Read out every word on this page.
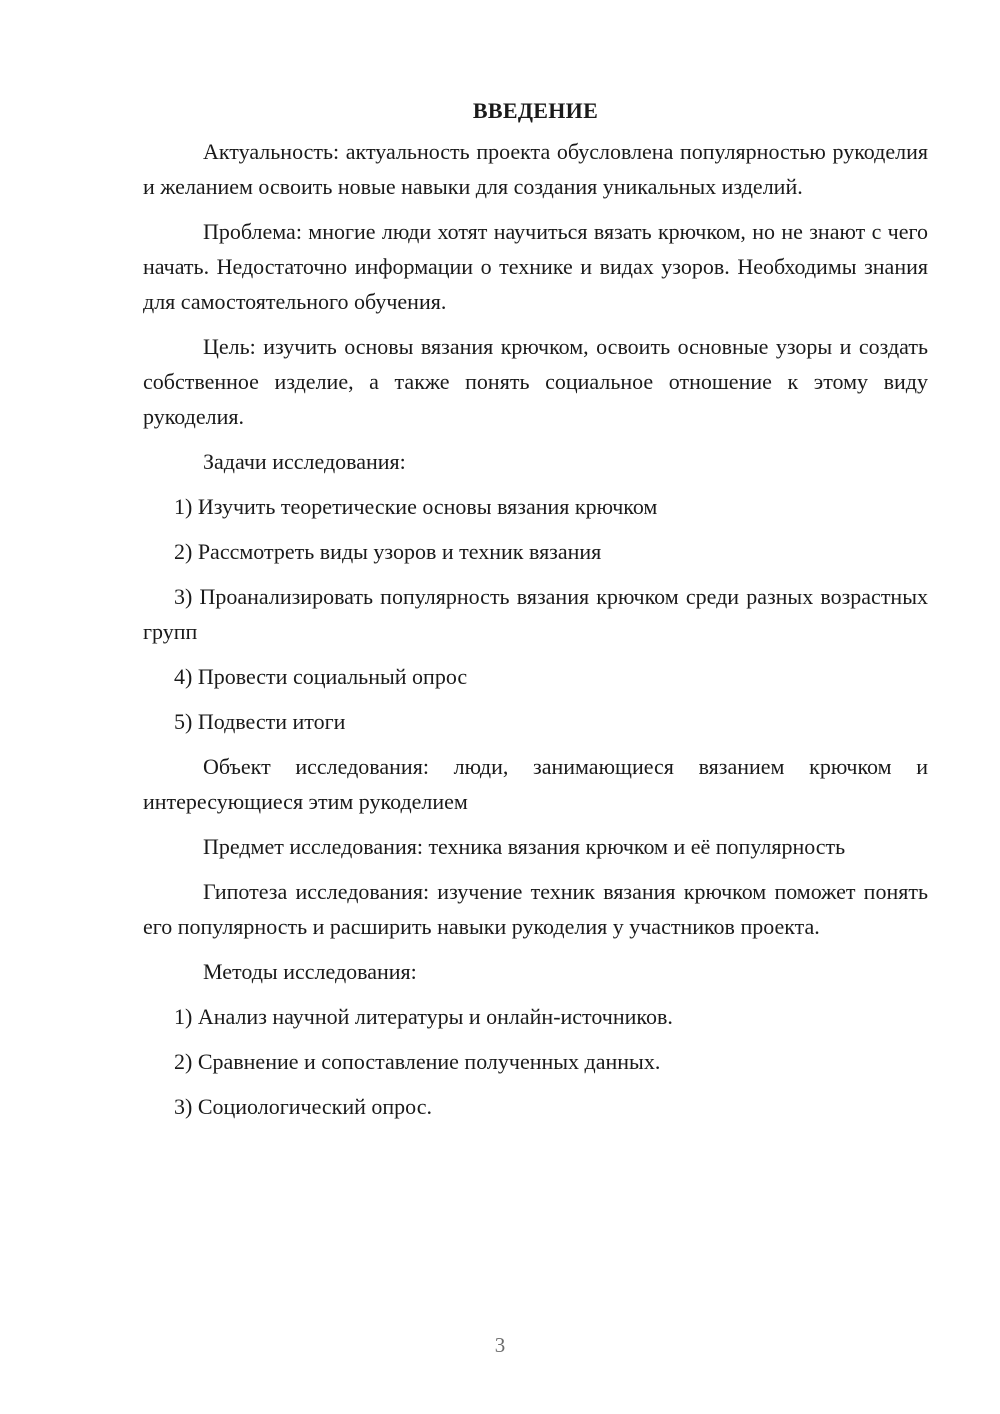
ВВЕДЕНИЕ

Актуальность: актуальность проекта обусловлена популярностью рукоделия и желанием освоить новые навыки для создания уникальных изделий.

Проблема: многие люди хотят научиться вязать крючком, но не знают с чего начать. Недостаточно информации о технике и видах узоров. Необходимы знания для самостоятельного обучения.

Цель: изучить основы вязания крючком, освоить основные узоры и создать собственное изделие, а также понять социальное отношение к этому виду рукоделия.

Задачи исследования:

1) Изучить теоретические основы вязания крючком

2) Рассмотреть виды узоров и техник вязания

3) Проанализировать популярность вязания крючком среди разных возрастных групп

4) Провести социальный опрос

5) Подвести итоги

Объект исследования: люди, занимающиеся вязанием крючком и интересующиеся этим рукоделием

Предмет исследования: техника вязания крючком и её популярность

Гипотеза исследования: изучение техник вязания крючком поможет понять его популярность и расширить навыки рукоделия у участников проекта.

Методы исследования:

1) Анализ научной литературы и онлайн-источников.

2) Сравнение и сопоставление полученных данных.

3) Социологический опрос.

3
